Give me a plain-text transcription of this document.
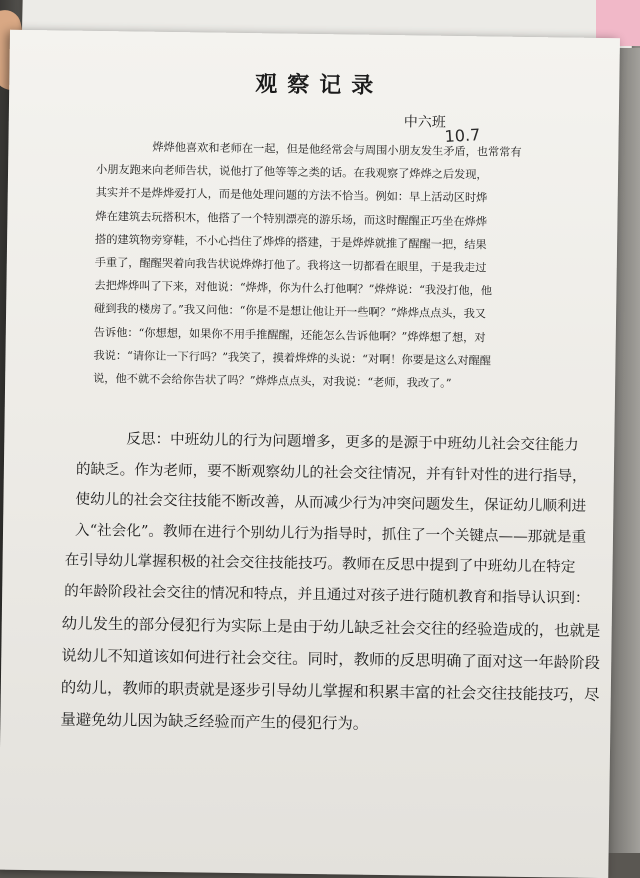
观察记录

中六班

10.7

烨烨他喜欢和老师在一起，但是他经常会与周围小朋友发生矛盾，也常常有
小朋友跑来向老师告状，说他打了他等等之类的话。在我观察了烨烨之后发现，
其实并不是烨烨爱打人，而是他处理问题的方法不恰当。例如：早上活动区时烨
烨在建筑去玩搭积木，他搭了一个特别漂亮的游乐场，而这时醒醒正巧坐在烨烨
搭的建筑物旁穿鞋，不小心挡住了烨烨的搭建，于是烨烨就推了醒醒一把，结果
手重了，醒醒哭着向我告状说烨烨打他了。我将这一切都看在眼里，于是我走过
去把烨烨叫了下来，对他说：“烨烨，你为什么打他啊？”烨烨说：“我没打他，他
碰到我的楼房了。”我又问他：“你是不是想让他让开一些啊？”烨烨点点头，我又
告诉他：“你想想，如果你不用手推醒醒，还能怎么告诉他啊？”烨烨想了想，对
我说：“请你让一下行吗？”我笑了，摸着烨烨的头说：“对啊！你要是这么对醒醒
说，他不就不会给你告状了吗？”烨烨点点头，对我说：“老师，我改了。”
反思：中班幼儿的行为问题增多，更多的是源于中班幼儿社会交往能力
的缺乏。作为老师，要不断观察幼儿的社会交往情况，并有针对性的进行指导，
使幼儿的社会交往技能不断改善，从而减少行为冲突问题发生，保证幼儿顺利进
入“社会化”。教师在进行个别幼儿行为指导时，抓住了一个关键点——那就是重
在引导幼儿掌握积极的社会交往技能技巧。教师在反思中提到了中班幼儿在特定
的年龄阶段社会交往的情况和特点，并且通过对孩子进行随机教育和指导认识到：
幼儿发生的部分侵犯行为实际上是由于幼儿缺乏社会交往的经验造成的，也就是
说幼儿不知道该如何进行社会交往。同时，教师的反思明确了面对这一年龄阶段
的幼儿，教师的职责就是逐步引导幼儿掌握和积累丰富的社会交往技能技巧，尽
量避免幼儿因为缺乏经验而产生的侵犯行为。
